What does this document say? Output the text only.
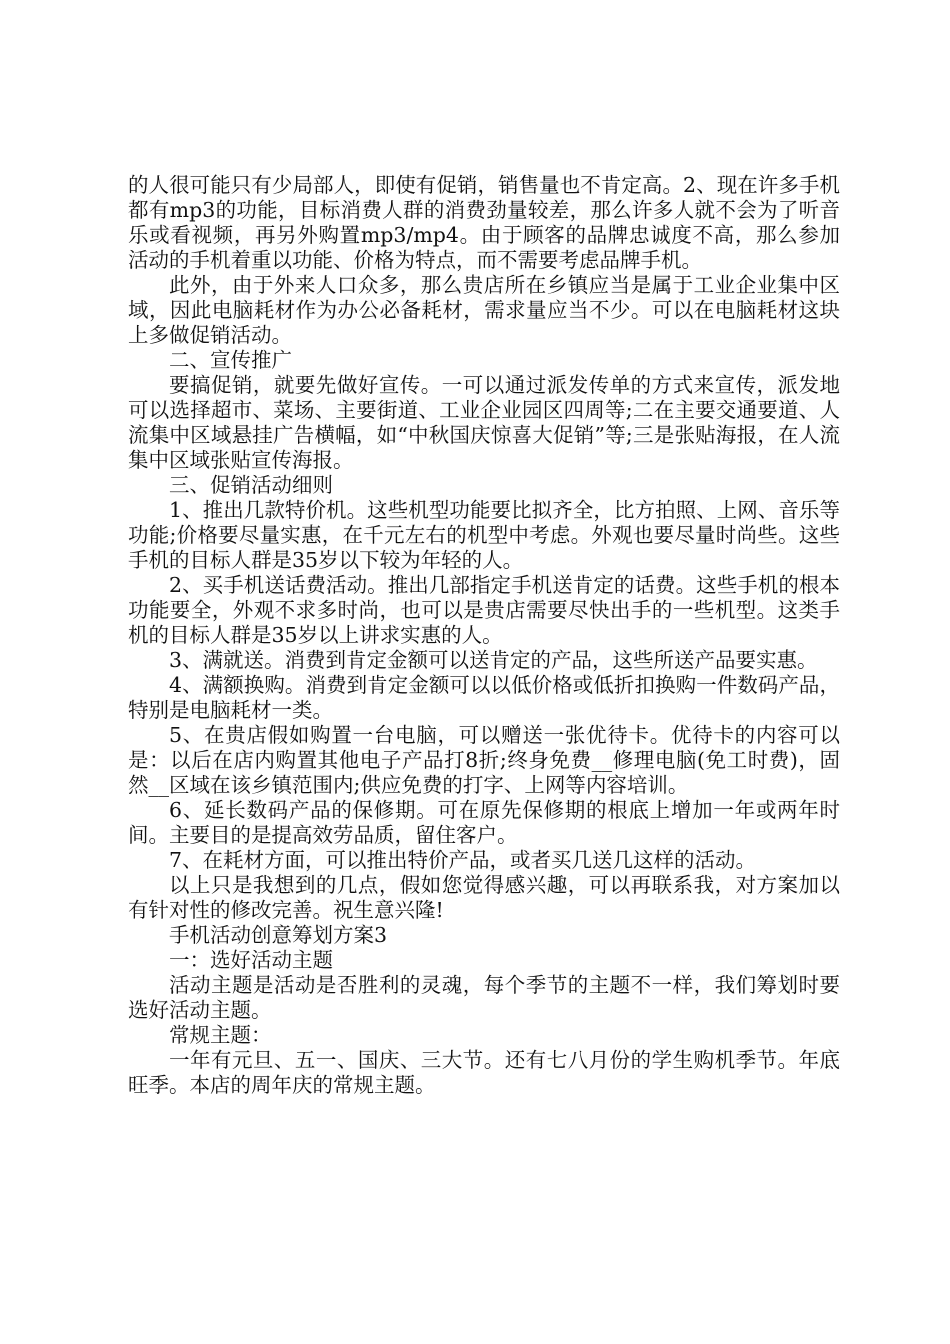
的人很可能只有少局部人，即使有促销，销售量也不肯定高。2、现在许多手机都有mp3的功能，目标消费人群的消费劲量较差，那么许多人就不会为了听音乐或看视频，再另外购置mp3/mp4。由于顾客的品牌忠诚度不高，那么参加活动的手机着重以功能、价格为特点，而不需要考虑品牌手机。

此外，由于外来人口众多，那么贵店所在乡镇应当是属于工业企业集中区域，因此电脑耗材作为办公必备耗材，需求量应当不少。可以在电脑耗材这块上多做促销活动。

二、宣传推广

要搞促销，就要先做好宣传。一可以通过派发传单的方式来宣传，派发地可以选择超市、菜场、主要街道、工业企业园区四周等;二在主要交通要道、人流集中区域悬挂广告横幅，如“中秋国庆惊喜大促销”等;三是张贴海报，在人流集中区域张贴宣传海报。

三、促销活动细则

1、推出几款特价机。这些机型功能要比拟齐全，比方拍照、上网、音乐等功能;价格要尽量实惠，在千元左右的机型中考虑。外观也要尽量时尚些。这些手机的目标人群是35岁以下较为年轻的人。

2、买手机送话费活动。推出几部指定手机送肯定的话费。这些手机的根本功能要全，外观不求多时尚，也可以是贵店需要尽快出手的一些机型。这类手机的目标人群是35岁以上讲求实惠的人。

3、满就送。消费到肯定金额可以送肯定的产品，这些所送产品要实惠。

4、满额换购。消费到肯定金额可以以低价格或低折扣换购一件数码产品，特别是电脑耗材一类。

5、在贵店假如购置一台电脑，可以赠送一张优待卡。优待卡的内容可以是：以后在店内购置其他电子产品打8折;终身免费__修理电脑(免工时费)，固然__区域在该乡镇范围内;供应免费的打字、上网等内容培训。

6、延长数码产品的保修期。可在原先保修期的根底上增加一年或两年时间。主要目的是提高效劳品质，留住客户。

7、在耗材方面，可以推出特价产品，或者买几送几这样的活动。

以上只是我想到的几点，假如您觉得感兴趣，可以再联系我，对方案加以有针对性的修改完善。祝生意兴隆!

手机活动创意筹划方案3

一：选好活动主题

活动主题是活动是否胜利的灵魂，每个季节的主题不一样，我们筹划时要选好活动主题。

常规主题：

一年有元旦、五一、国庆、三大节。还有七八月份的学生购机季节。年底旺季。本店的周年庆的常规主题。
